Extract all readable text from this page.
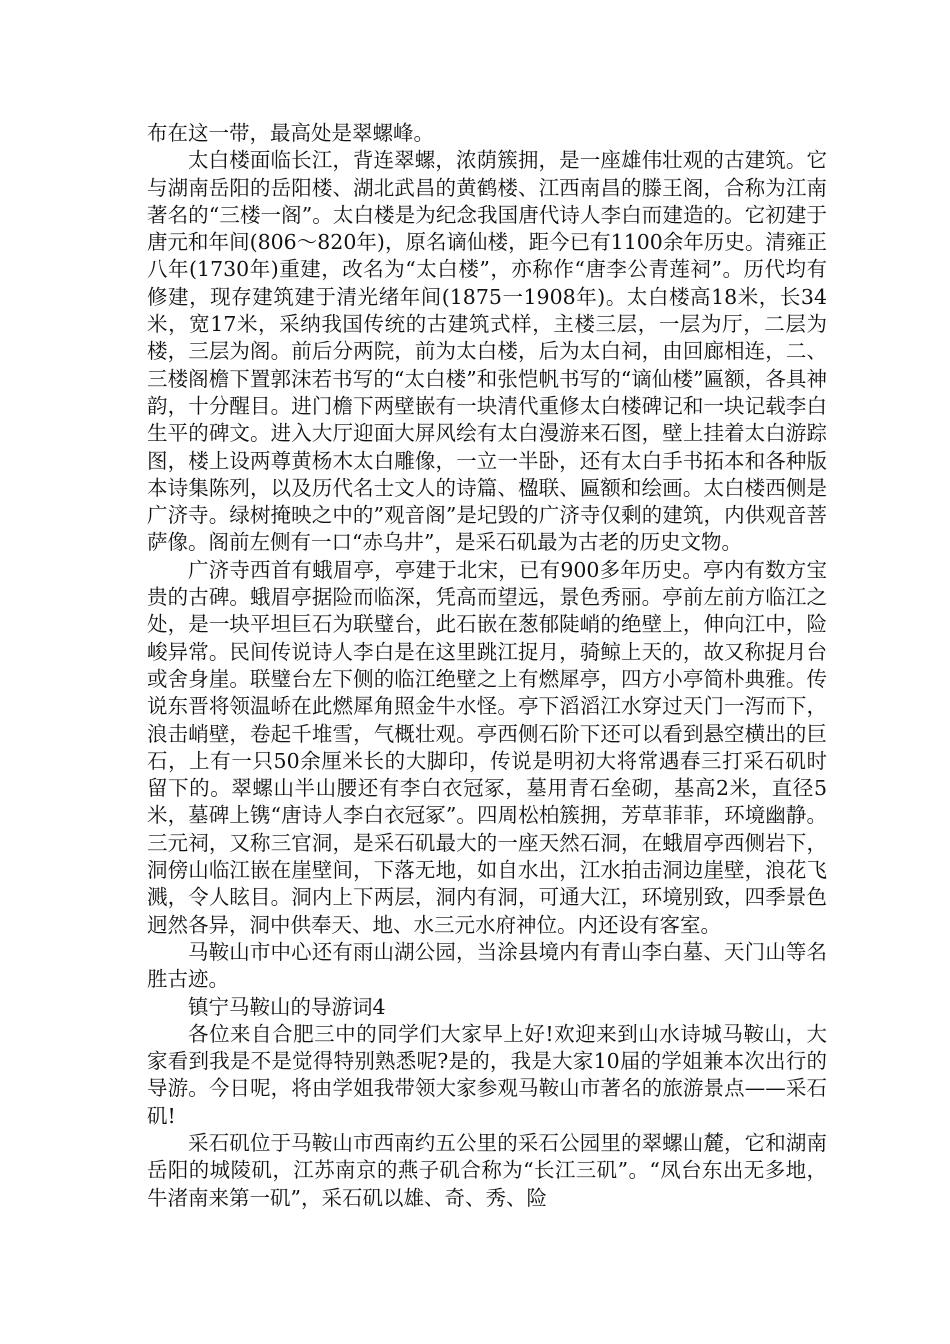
布在这一带，最高处是翠螺峰。

太白楼面临长江，背连翠螺，浓荫簇拥，是一座雄伟壮观的古建筑。它与湖南岳阳的岳阳楼、湖北武昌的黄鹤楼、江西南昌的滕王阁，合称为江南著名的“三楼一阁”。太白楼是为纪念我国唐代诗人李白而建造的。它初建于唐元和年间(806～820年)，原名谪仙楼，距今已有1100余年历史。清雍正八年(1730年)重建，改名为“太白楼”，亦称作“唐李公青莲祠”。历代均有修建，现存建筑建于清光绪年间(1875一1908年)。太白楼高18米，长34米，宽17米，采纳我国传统的古建筑式样，主楼三层，一层为厅，二层为楼，三层为阁。前后分两院，前为太白楼，后为太白祠，由回廊相连，二、三楼阁檐下置郭沫若书写的“太白楼”和张恺帆书写的“谪仙楼”匾额，各具神韵，十分醒目。进门檐下两壁嵌有一块清代重修太白楼碑记和一块记载李白生平的碑文。进入大厅迎面大屏风绘有太白漫游来石图，壁上挂着太白游踪图，楼上设两尊黄杨木太白雕像，一立一半卧，还有太白手书拓本和各种版本诗集陈列，以及历代名士文人的诗篇、楹联、匾额和绘画。太白楼西侧是广济寺。绿树掩映之中的”观音阁”是圮毁的广济寺仅剩的建筑，内供观音菩萨像。阁前左侧有一口“赤乌井”，是采石矶最为古老的历史文物。

广济寺西首有蛾眉亭，亭建于北宋，已有900多年历史。亭内有数方宝贵的古碑。蛾眉亭据险而临深，凭高而望远，景色秀丽。亭前左前方临江之处，是一块平坦巨石为联璧台，此石嵌在葱郁陡峭的绝壁上，伸向江中，险峻异常。民间传说诗人李白是在这里跳江捉月，骑鲸上天的，故又称捉月台或舍身崖。联璧台左下侧的临江绝壁之上有燃犀亭，四方小亭简朴典雅。传说东晋将领温峤在此燃犀角照金牛水怪。亭下滔滔江水穿过天门一泻而下，浪击峭壁，卷起千堆雪，气概壮观。亭西侧石阶下还可以看到悬空横出的巨石，上有一只50余厘米长的大脚印，传说是明初大将常遇春三打采石矶时留下的。翠螺山半山腰还有李白衣冠冢，墓用青石垒砌，基高2米，直径5米，墓碑上镌“唐诗人李白衣冠冢”。四周松柏簇拥，芳草菲菲，环境幽静。三元祠，又称三官洞，是采石矶最大的一座天然石洞，在蛾眉亭西侧岩下，洞傍山临江嵌在崖壁间，下落无地，如自水出，江水拍击洞边崖壁，浪花飞溅，令人眩目。洞内上下两层，洞内有洞，可通大江，环境别致，四季景色迥然各异，洞中供奉天、地、水三元水府神位。内还设有客室。

马鞍山市中心还有雨山湖公园，当涂县境内有青山李白墓、天门山等名胜古迹。

镇宁马鞍山的导游词4

各位来自合肥三中的同学们大家早上好!欢迎来到山水诗城马鞍山，大家看到我是不是觉得特别熟悉呢?是的，我是大家10届的学姐兼本次出行的导游。今日呢，将由学姐我带领大家参观马鞍山市著名的旅游景点——采石矶!

采石矶位于马鞍山市西南约五公里的采石公园里的翠螺山麓，它和湖南岳阳的城陵矶，江苏南京的燕子矶合称为“长江三矶”。“凤台东出无多地，牛渚南来第一矶”，采石矶以雄、奇、秀、险
